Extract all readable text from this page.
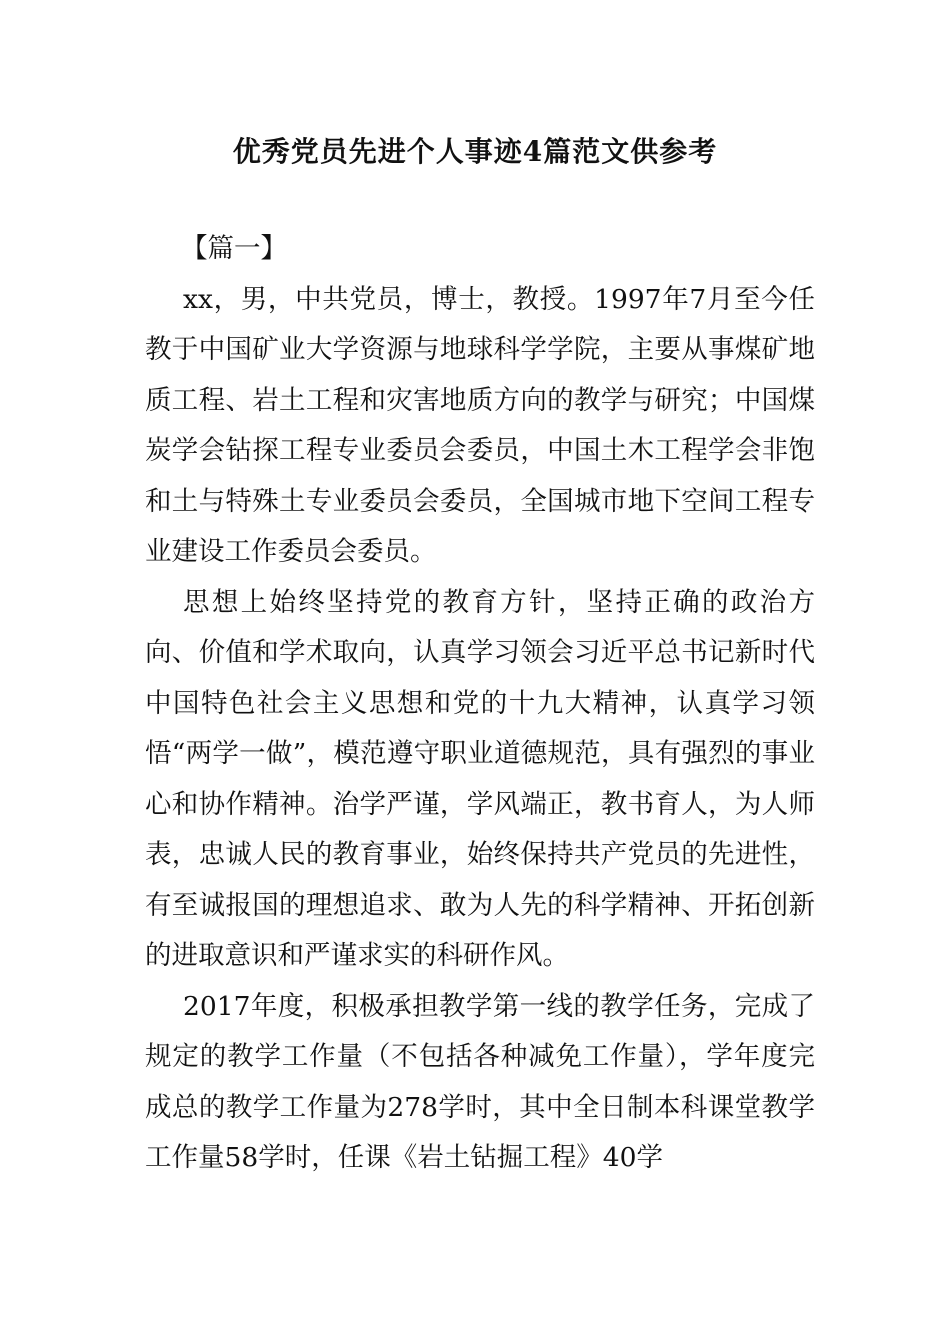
优秀党员先进个人事迹4篇范文供参考

【篇一】

xx，男，中共党员，博士，教授。1997年7月至今任教于中国矿业大学资源与地球科学学院，主要从事煤矿地质工程、岩土工程和灾害地质方向的教学与研究；中国煤炭学会钻探工程专业委员会委员，中国土木工程学会非饱和土与特殊土专业委员会委员，全国城市地下空间工程专业建设工作委员会委员。

思想上始终坚持党的教育方针，坚持正确的政治方向、价值和学术取向，认真学习领会习近平总书记新时代中国特色社会主义思想和党的十九大精神，认真学习领悟“两学一做”，模范遵守职业道德规范，具有强烈的事业心和协作精神。治学严谨，学风端正，教书育人，为人师表，忠诚人民的教育事业，始终保持共产党员的先进性，有至诚报国的理想追求、敢为人先的科学精神、开拓创新的进取意识和严谨求实的科研作风。

2017年度，积极承担教学第一线的教学任务，完成了规定的教学工作量（不包括各种减免工作量），学年度完成总的教学工作量为278学时，其中全日制本科课堂教学工作量58学时，任课《岩土钻掘工程》40学
